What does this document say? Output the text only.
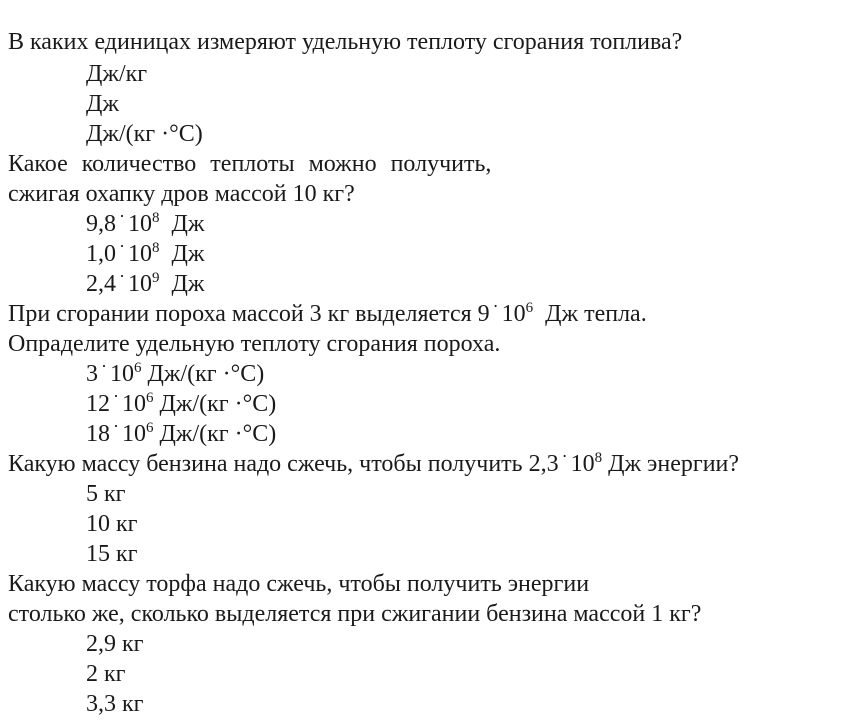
В каких единицах измеряют удельную теплоту сгорания топлива?
Дж/кг
Дж
Дж/(кг ·°С)
Какое количество теплоты можно получить,
сжигая охапку дров массой 10 кг?
$9,8 \cdot 10^8$ Дж
$1,0 \cdot 10^8$ Дж
$2,4 \cdot 10^9$ Дж
При сгорании пороха массой 3 кг выделяется $9 \cdot 10^6$ Дж тепла.
Опраделите удельную теплоту сгорания пороха.
$3 \cdot 10^6$ Дж/(кг ·°С)
$12 \cdot 10^6$ Дж/(кг ·°С)
$18 \cdot 10^6$ Дж/(кг ·°С)
Какую массу бензина надо сжечь, чтобы получить $2,3 \cdot 10^8$ Дж энергии?
5 кг
10 кг
15 кг
Какую массу торфа надо сжечь, чтобы получить энергии
столько же, сколько выделяется при сжигании бензина массой 1 кг?
2,9 кг
2 кг
3,3 кг
